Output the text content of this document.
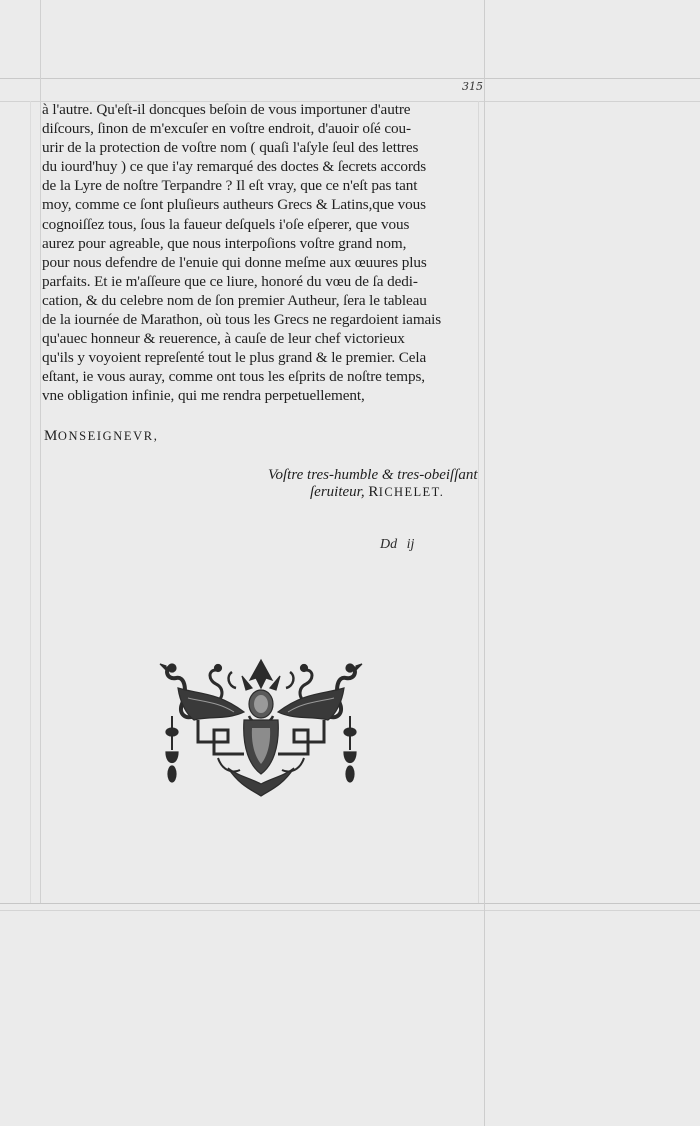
315
à l'autre. Qu'eſt-il doncques beſoin de vous importuner d'autre
diſcours, ſinon de m'excuſer en voſtre endroit, d'auoir oſé cou-
urir de la protection de voſtre nom ( quaſi l'aſyle ſeul des lettres
du iourd'huy ) ce que i'ay remarqué des doctes & ſecrets accords
de la Lyre de noſtre Terpandre ? Il eſt vray, que ce n'eſt pas tant
moy, comme ce ſont pluſieurs autheurs Grecs & Latins,que vous
cognoiſſez tous, ſous la faueur deſquels i'oſe eſperer, que vous
aurez pour agreable, que nous interpoſions voſtre grand nom,
pour nous defendre de l'enuie qui donne meſme aux œuures plus
parfaits. Et ie m'aſſeure que ce liure, honoré du vœu de ſa dedi-
cation, & du celebre nom de ſon premier Autheur, ſera le tableau
de la iournée de Marathon, où tous les Grecs ne regardoient iamais
qu'auec honneur & reuerence, à cauſe de leur chef victorieux
qu'ils y voyoient repreſenté tout le plus grand & le premier. Cela
eſtant, ie vous auray, comme ont tous les eſprits de noſtre temps,
vne obligation infinie, qui me rendra perpetuellement,
MONSEIGNEVR,
Voſtre tres-humble & tres-obeiſſant
ſeruiteur, RICHELET.
Dd ij
